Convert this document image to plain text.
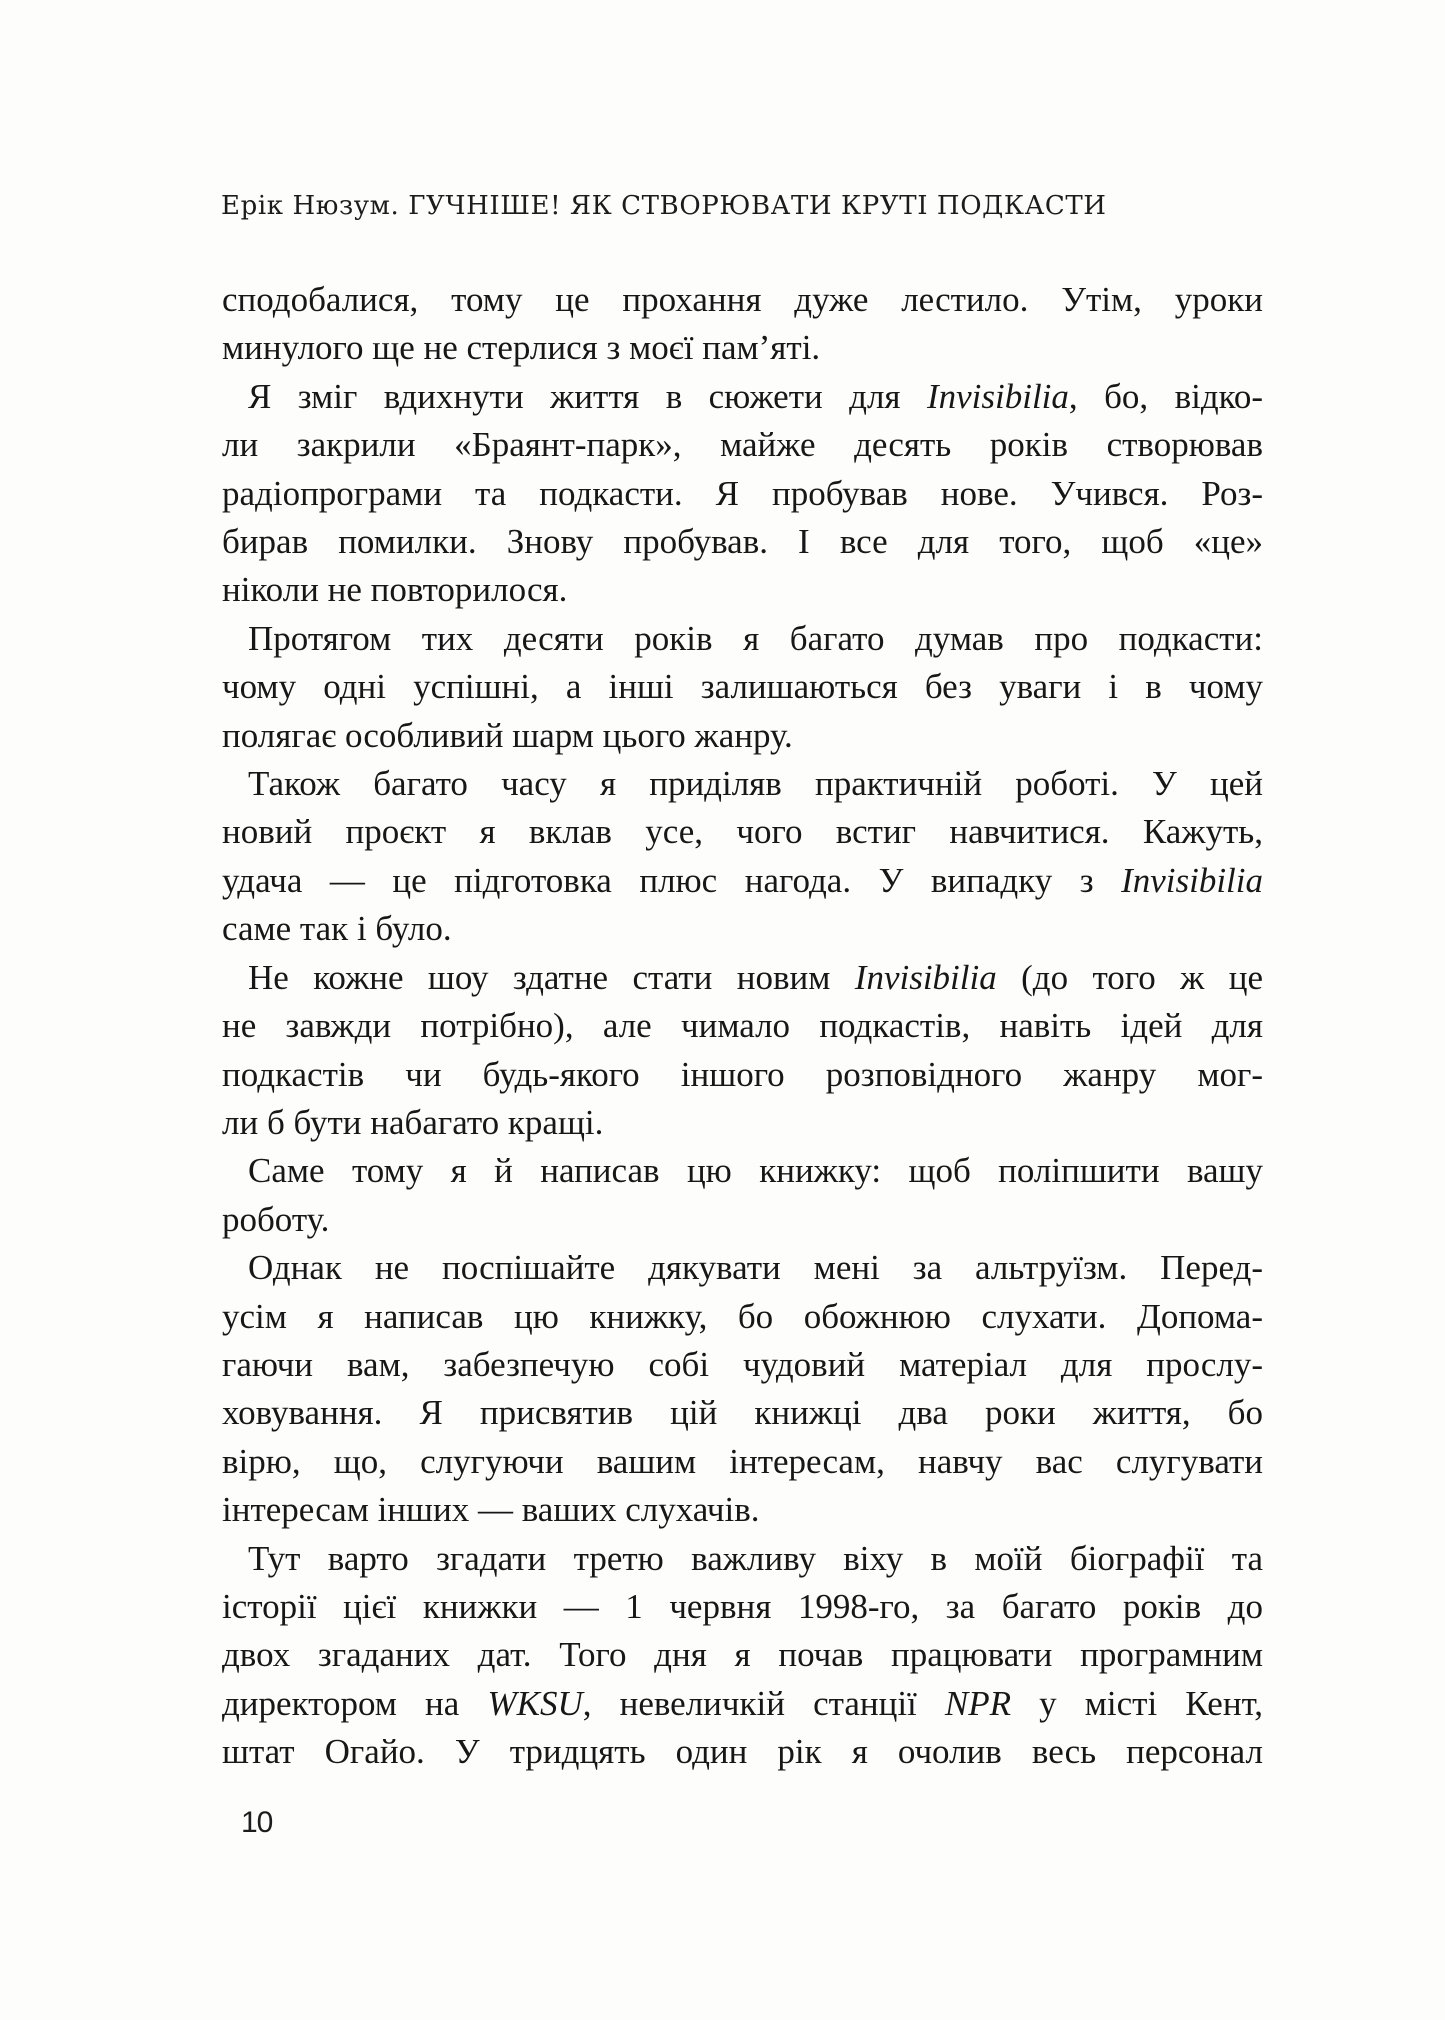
Ерік Нюзум. ГУЧНІШЕ! ЯК СТВОРЮВАТИ КРУТІ ПОДКАСТИ
сподобалися, тому це прохання дуже лестило. Утім, уроки
минулого ще не стерлися з моєї пам’яті.
Я зміг вдихнути життя в сюжети для Invisibilia, бо, відко-
ли закрили «Браянт-парк», майже десять років створював
радіопрограми та подкасти. Я пробував нове. Учився. Роз-
бирав помилки. Знову пробував. І все для того, щоб «це»
ніколи не повторилося.
Протягом тих десяти років я багато думав про подкасти:
чому одні успішні, а інші залишаються без уваги і в чому
полягає особливий шарм цього жанру.
Також багато часу я приділяв практичній роботі. У цей
новий проєкт я вклав усе, чого встиг навчитися. Кажуть,
удача — це підготовка плюс нагода. У випадку з Invisibilia
саме так і було.
Не кожне шоу здатне стати новим Invisibilia (до того ж це
не завжди потрібно), але чимало подкастів, навіть ідей для
подкастів чи будь-якого іншого розповідного жанру мог-
ли б бути набагато кращі.
Саме тому я й написав цю книжку: щоб поліпшити вашу
роботу.
Однак не поспішайте дякувати мені за альтруїзм. Перед-
усім я написав цю книжку, бо обожнюю слухати. Допома-
гаючи вам, забезпечую собі чудовий матеріал для прослу-
ховування. Я присвятив цій книжці два роки життя, бо
вірю, що, слугуючи вашим інтересам, навчу вас слугувати
інтересам інших — ваших слухачів.
Тут варто згадати третю важливу віху в моїй біографії та
історії цієї книжки — 1 червня 1998-го, за багато років до
двох згаданих дат. Того дня я почав працювати програмним
директором на WKSU, невеличкій станції NPR у місті Кент,
штат Огайо. У тридцять один рік я очолив весь персонал
10
